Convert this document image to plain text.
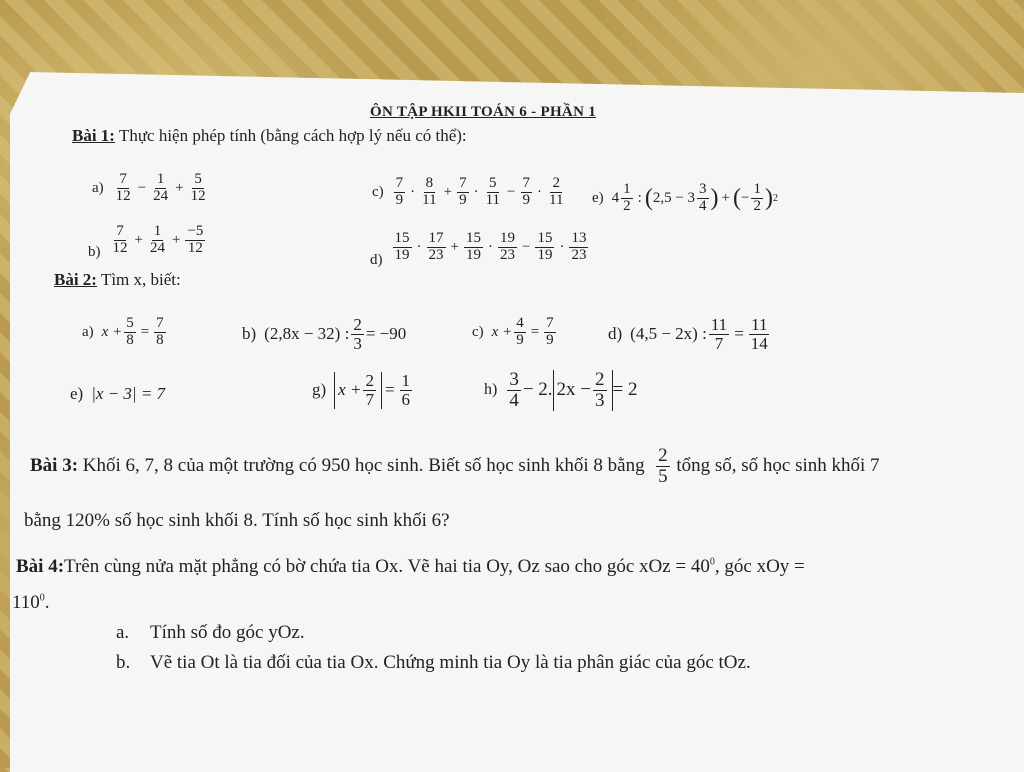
ÔN TẬP HKII TOÁN 6 - PHẦN 1
Bài 1: Thực hiện phép tính (bằng cách hợp lý nếu có thể):
$a) \frac{7}{12} - \frac{1}{24} + \frac{5}{12}$
$b) \frac{7}{12} + \frac{1}{24} + \frac{-5}{12}$
$c) \frac{7}{9} \cdot \frac{8}{11} + \frac{7}{9} \cdot \frac{5}{11} - \frac{7}{9} \cdot \frac{2}{11}$
$d) \frac{15}{19} \cdot \frac{17}{23} + \frac{15}{19} \cdot \frac{19}{23} - \frac{15}{19} \cdot \frac{13}{23}$
e) $4 \frac{1}{2}$ : ( $2,5 - 3 \frac{3}{4}$ ) + ( − $\frac{1}{2}$ ) 2
Bài 2: Tìm x, biết:
a) $x + \frac{5}{8} = \frac{7}{8}$	b) (2,8x − 32) : $\frac{2}{3} = -90$	c) $x + \frac{4}{9} = \frac{7}{9}$	d) (4,5 − 2x) : $\frac{11}{7} = \frac{11}{14}$
e) |x − 3| = 7	g) $x + \frac{2}{7} = \frac{1}{6}$	$h) \frac{3}{4} - 2$. $2x - \frac{2}{3} = 2$
Bài 3:
Khối 6, 7, 8 của một trường có 950 học sinh. Biết số học sinh khối 8 bằng
$\frac{2}{5}$
tổng số, số học sinh khối 7
bằng 120% số học sinh khối 8. Tính số học sinh khối 6?
Bài 4:Trên cùng nửa mặt phẳng có bờ chứa tia Ox. Vẽ hai tia Oy, Oz sao cho góc xOz = $40^0$, góc xOy =
$110^0$.
a. Tính số đo góc yOz.
b. Vẽ tia Ot là tia đối của tia Ox. Chứng minh tia Oy là tia phân giác của góc tOz.
